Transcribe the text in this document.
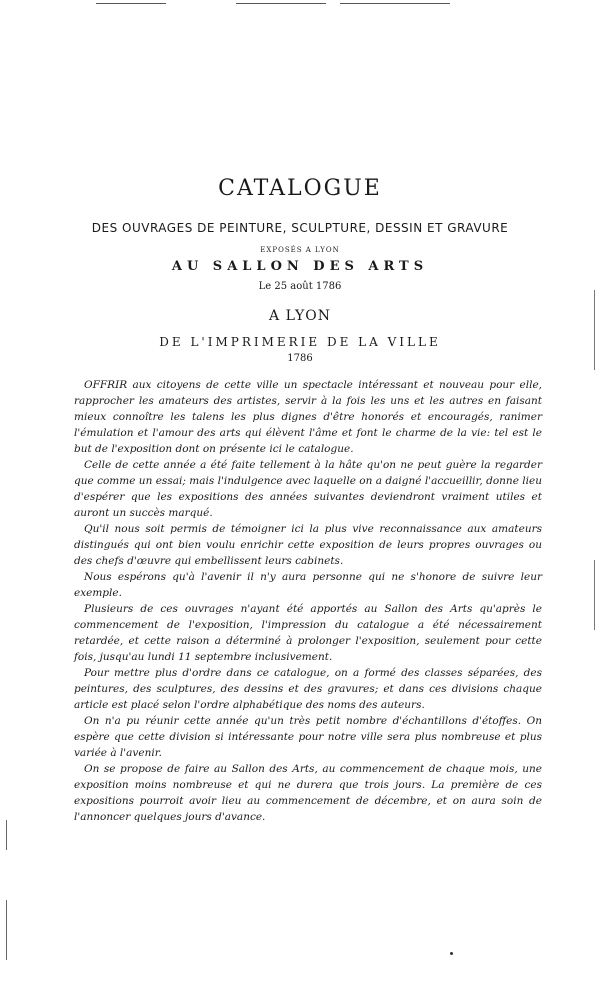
CATALOGUE
DES OUVRAGES DE PEINTURE, SCULPTURE, DESSIN ET GRAVURE
EXPOSÉS A LYON
AU SALLON DES ARTS
Le 25 août 1786
A LYON
DE L'IMPRIMERIE DE LA VILLE
1786

OFFRIR aux citoyens de cette ville un spectacle intéressant et nouveau pour elle, rapprocher les amateurs des artistes, servir à la fois les uns et les autres en faisant mieux connoître les talens les plus dignes d'être honorés et encouragés, ranimer l'émulation et l'amour des arts qui élèvent l'âme et font le charme de la vie: tel est le but de l'exposition dont on présente ici le catalogue.

Celle de cette année a été faite tellement à la hâte qu'on ne peut guère la regarder que comme un essai; mais l'indulgence avec laquelle on a daigné l'accueillir, donne lieu d'espérer que les expositions des années suivantes deviendront vraiment utiles et auront un succès marqué.

Qu'il nous soit permis de témoigner ici la plus vive reconnaissance aux amateurs distingués qui ont bien voulu enrichir cette exposition de leurs propres ouvrages ou des chefs d'œuvre qui embellissent leurs cabinets.

Nous espérons qu'à l'avenir il n'y aura personne qui ne s'honore de suivre leur exemple.

Plusieurs de ces ouvrages n'ayant été apportés au Sallon des Arts qu'après le commencement de l'exposition, l'impression du catalogue a été nécessairement retardée, et cette raison a déterminé à prolonger l'exposition, seulement pour cette fois, jusqu'au lundi 11 septembre inclusivement.

Pour mettre plus d'ordre dans ce catalogue, on a formé des classes séparées, des peintures, des sculptures, des dessins et des gravures; et dans ces divisions chaque article est placé selon l'ordre alphabétique des noms des auteurs.

On n'a pu réunir cette année qu'un très petit nombre d'échantillons d'étoffes. On espère que cette division si intéressante pour notre ville sera plus nombreuse et plus variée à l'avenir.

On se propose de faire au Sallon des Arts, au commencement de chaque mois, une exposition moins nombreuse et qui ne durera que trois jours. La première de ces expositions pourroit avoir lieu au commencement de décembre, et on aura soin de l'annoncer quelques jours d'avance.
